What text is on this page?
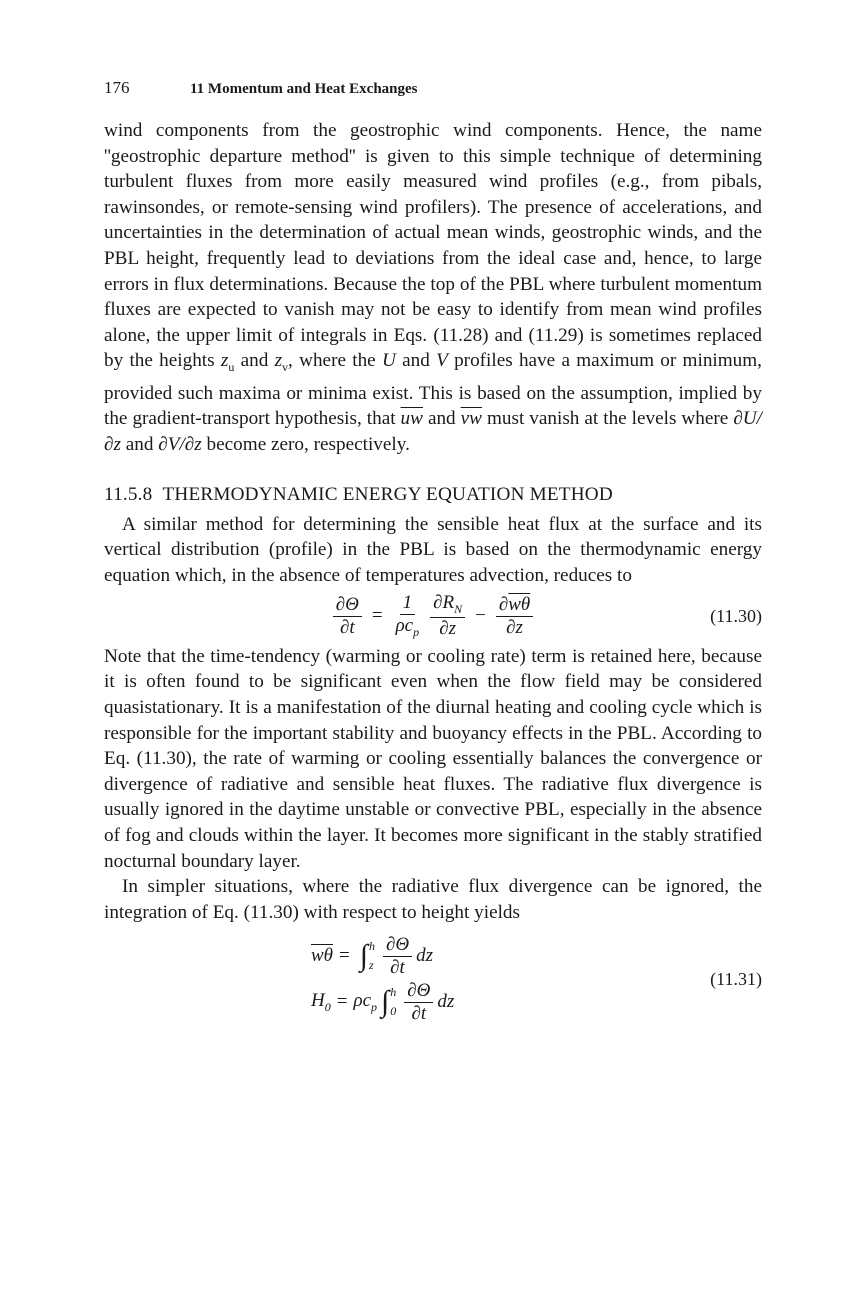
176	11 Momentum and Heat Exchanges

wind components from the geostrophic wind components. Hence, the name ''geostrophic departure method'' is given to this simple technique of determining turbulent fluxes from more easily measured wind profiles (e.g., from pibals, rawinsondes, or remote-sensing wind profilers). The presence of accelerations, and uncertainties in the determination of actual mean winds, geostrophic winds, and the PBL height, frequently lead to deviations from the ideal case and, hence, to large errors in flux determinations. Because the top of the PBL where turbulent momentum fluxes are expected to vanish may not be easy to identify from mean wind profiles alone, the upper limit of integrals in Eqs. (11.28) and (11.29) is sometimes replaced by the heights $z_u$ and $z_v$, where the U and V profiles have a maximum or minimum, provided such maxima or minima exist. This is based on the assumption, implied by the gradient-transport hypothesis, that $\overline{uw}$ and $\overline{vw}$ must vanish at the levels where ∂U/∂z and ∂V/∂z become zero, respectively.

11.5.8 THERMODYNAMIC ENERGY EQUATION METHOD

A similar method for determining the sensible heat flux at the surface and its vertical distribution (profile) in the PBL is based on the thermodynamic energy equation which, in the absence of temperatures advection, reduces to

$\frac{\partial\Theta}{\partial t} = \frac{1}{\rho c_p} \frac{\partial R_N}{\partial z} - \frac{\partial\overline{w\theta}}{\partial z}$	(11.30)

Note that the time-tendency (warming or cooling rate) term is retained here, because it is often found to be significant even when the flow field may be considered quasistationary. It is a manifestation of the diurnal heating and cooling cycle which is responsible for the important stability and buoyancy effects in the PBL. According to Eq. (11.30), the rate of warming or cooling essentially balances the convergence or divergence of radiative and sensible heat fluxes. The radiative flux divergence is usually ignored in the daytime unstable or convective PBL, especially in the absence of fog and clouds within the layer. It becomes more significant in the stably stratified nocturnal boundary layer.

In simpler situations, where the radiative flux divergence can be ignored, the integration of Eq. (11.30) with respect to height yields

$\overline{w\theta}$ = ∫ h
z $\frac{\partial\Theta}{\partial t}$ dz
$H_0 = \rho c_p$ ∫ h
$0 \frac{\partial\Theta}{\partial t}$ dz
(11.31)
